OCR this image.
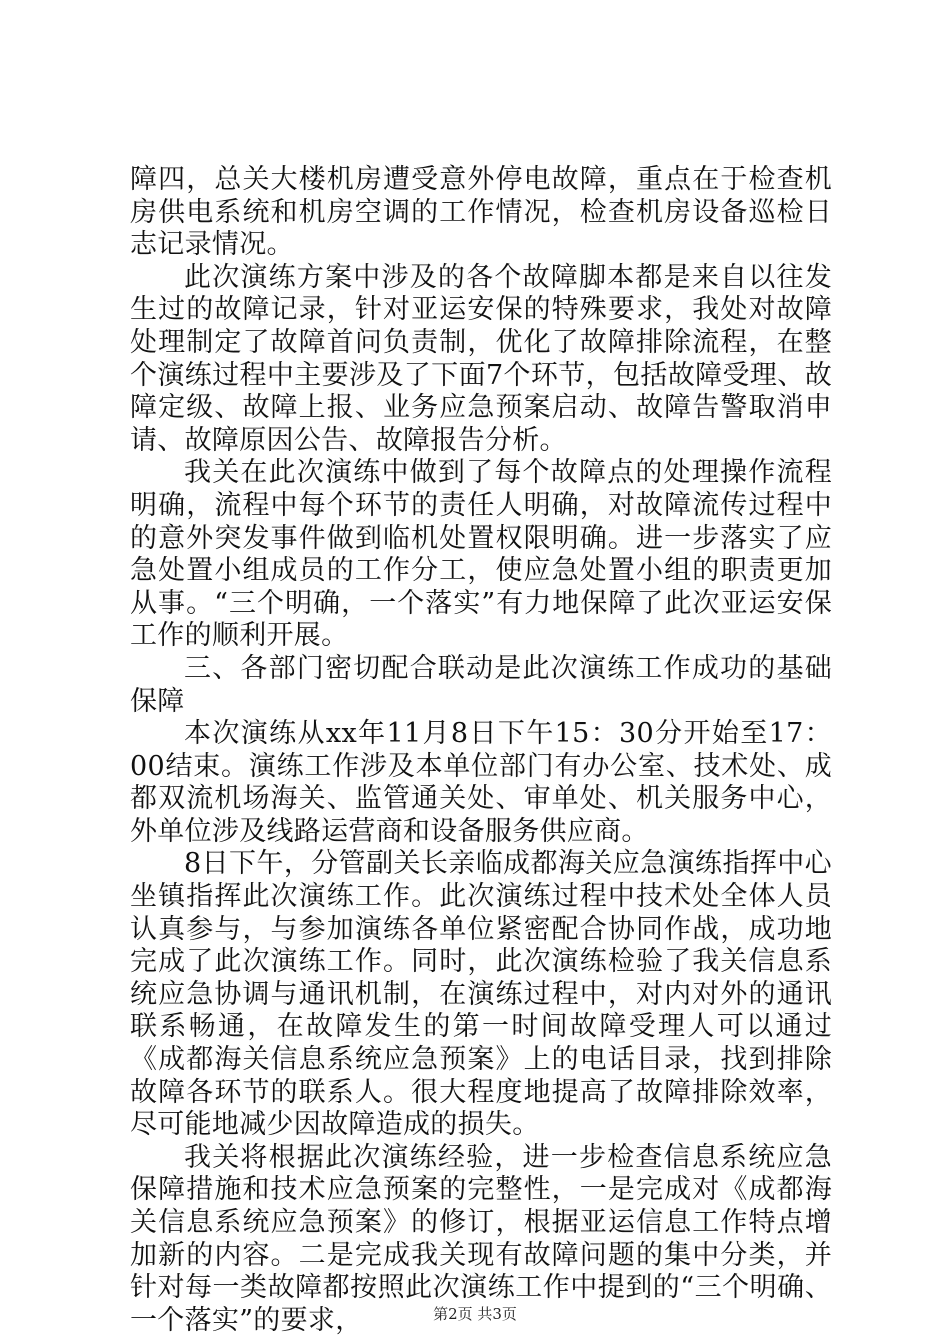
障四，总关大楼机房遭受意外停电故障，重点在于检查机房供电系统和机房空调的工作情况，检查机房设备巡检日志记录情况。

此次演练方案中涉及的各个故障脚本都是来自以往发生过的故障记录，针对亚运安保的特殊要求，我处对故障处理制定了故障首问负责制，优化了故障排除流程，在整个演练过程中主要涉及了下面7个环节，包括故障受理、故障定级、故障上报、业务应急预案启动、故障告警取消申请、故障原因公告、故障报告分析。

我关在此次演练中做到了每个故障点的处理操作流程明确，流程中每个环节的责任人明确，对故障流传过程中的意外突发事件做到临机处置权限明确。进一步落实了应急处置小组成员的工作分工，使应急处置小组的职责更加从事。“三个明确，一个落实”有力地保障了此次亚运安保工作的顺利开展。

三、各部门密切配合联动是此次演练工作成功的基础保障

本次演练从xx年11月8日下午15：30分开始至17：00结束。演练工作涉及本单位部门有办公室、技术处、成都双流机场海关、监管通关处、审单处、机关服务中心，外单位涉及线路运营商和设备服务供应商。

8日下午，分管副关长亲临成都海关应急演练指挥中心坐镇指挥此次演练工作。此次演练过程中技术处全体人员认真参与，与参加演练各单位紧密配合协同作战，成功地完成了此次演练工作。同时，此次演练检验了我关信息系统应急协调与通讯机制，在演练过程中，对内对外的通讯联系畅通，在故障发生的第一时间故障受理人可以通过《成都海关信息系统应急预案》上的电话目录，找到排除故障各环节的联系人。很大程度地提高了故障排除效率，尽可能地减少因故障造成的损失。

我关将根据此次演练经验，进一步检查信息系统应急保障措施和技术应急预案的完整性，一是完成对《成都海关信息系统应急预案》的修订，根据亚运信息工作特点增加新的内容。二是完成我关现有故障问题的集中分类，并针对每一类故障都按照此次演练工作中提到的“三个明确、一个落实”的要求，	第2页 共3页
